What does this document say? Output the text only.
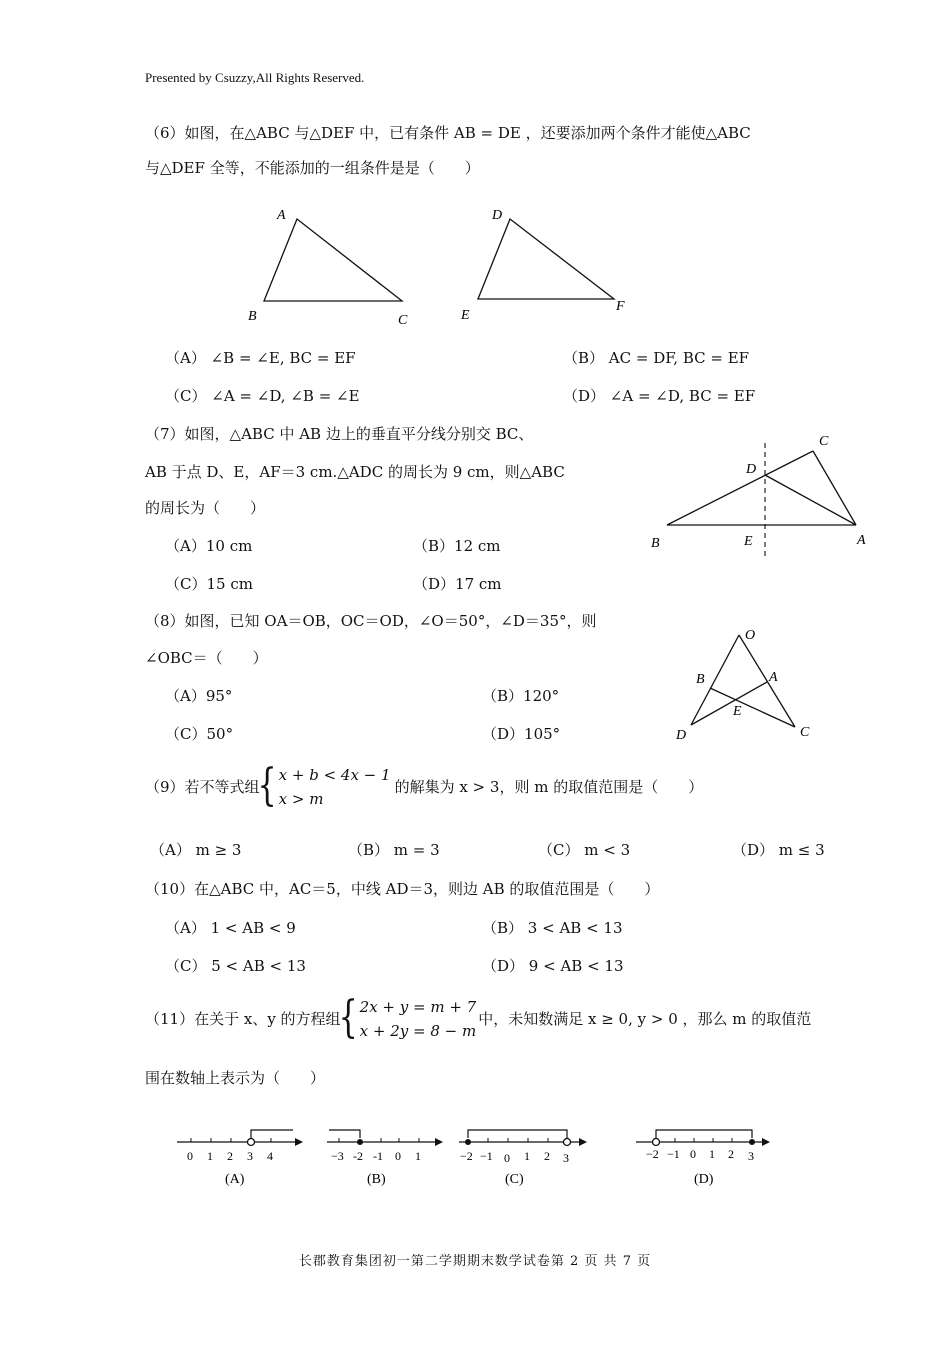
Presented by Csuzzy,All Rights Reserved.
（6）如图，在△ABC 与△DEF 中，已有条件 AB = DE ，还要添加两个条件才能使△ABC
与△DEF 全等，不能添加的一组条件是是（　　）
A
B	C
D
E
F
（A） ∠B = ∠E, BC = EF	（B） AC = DF, BC = EF
（C） ∠A = ∠D, ∠B = ∠E	（D） ∠A = ∠D, BC = EF
（7）如图，△ABC 中 AB 边上的垂直平分线分别交 BC、
AB 于点 D、E，AF＝3 cm.△ADC 的周长为 9 cm，则△ABC
的周长为（　　）
C
D
B	E	A
（A）10 cm	（B）12 cm
（C）15 cm	（D）17 cm
（8）如图，已知 OA＝OB，OC＝OD，∠O＝50°，∠D＝35°，则
∠OBC＝（　　）
O
B	A
E
D	C
（A）95°	（B）120°
（C）50°	（D）105°
（9）若不等式组{ x + b < 4x − 1
x > m
的解集为 x > 3，则 m 的取值范围是（　　）
（A） m ≥ 3	（B） m = 3	（C） m < 3	（D） m ≤ 3
（10）在△ABC 中，AC＝5，中线 AD＝3，则边 AB 的取值范围是（　　）
（A） 1 < AB < 9	（B） 3 < AB < 13
（C） 5 < AB < 13	（D） 9 < AB < 13
（11）在关于 x、y 的方程组{ 2x + y = m + 7
x + 2y = 8 − m
中，未知数满足 x ≥ 0, y > 0 ，那么 m 的取值范
围在数轴上表示为（　　）
0 1 2 3 4
(A)
−3 -2 -1 0 1
(B)
−2 −1 0 1 2 3
(C)
−2 −1 0 1 2 3
(D)
长郡教育集团初一第二学期期末数学试卷第 2 页 共 7 页
